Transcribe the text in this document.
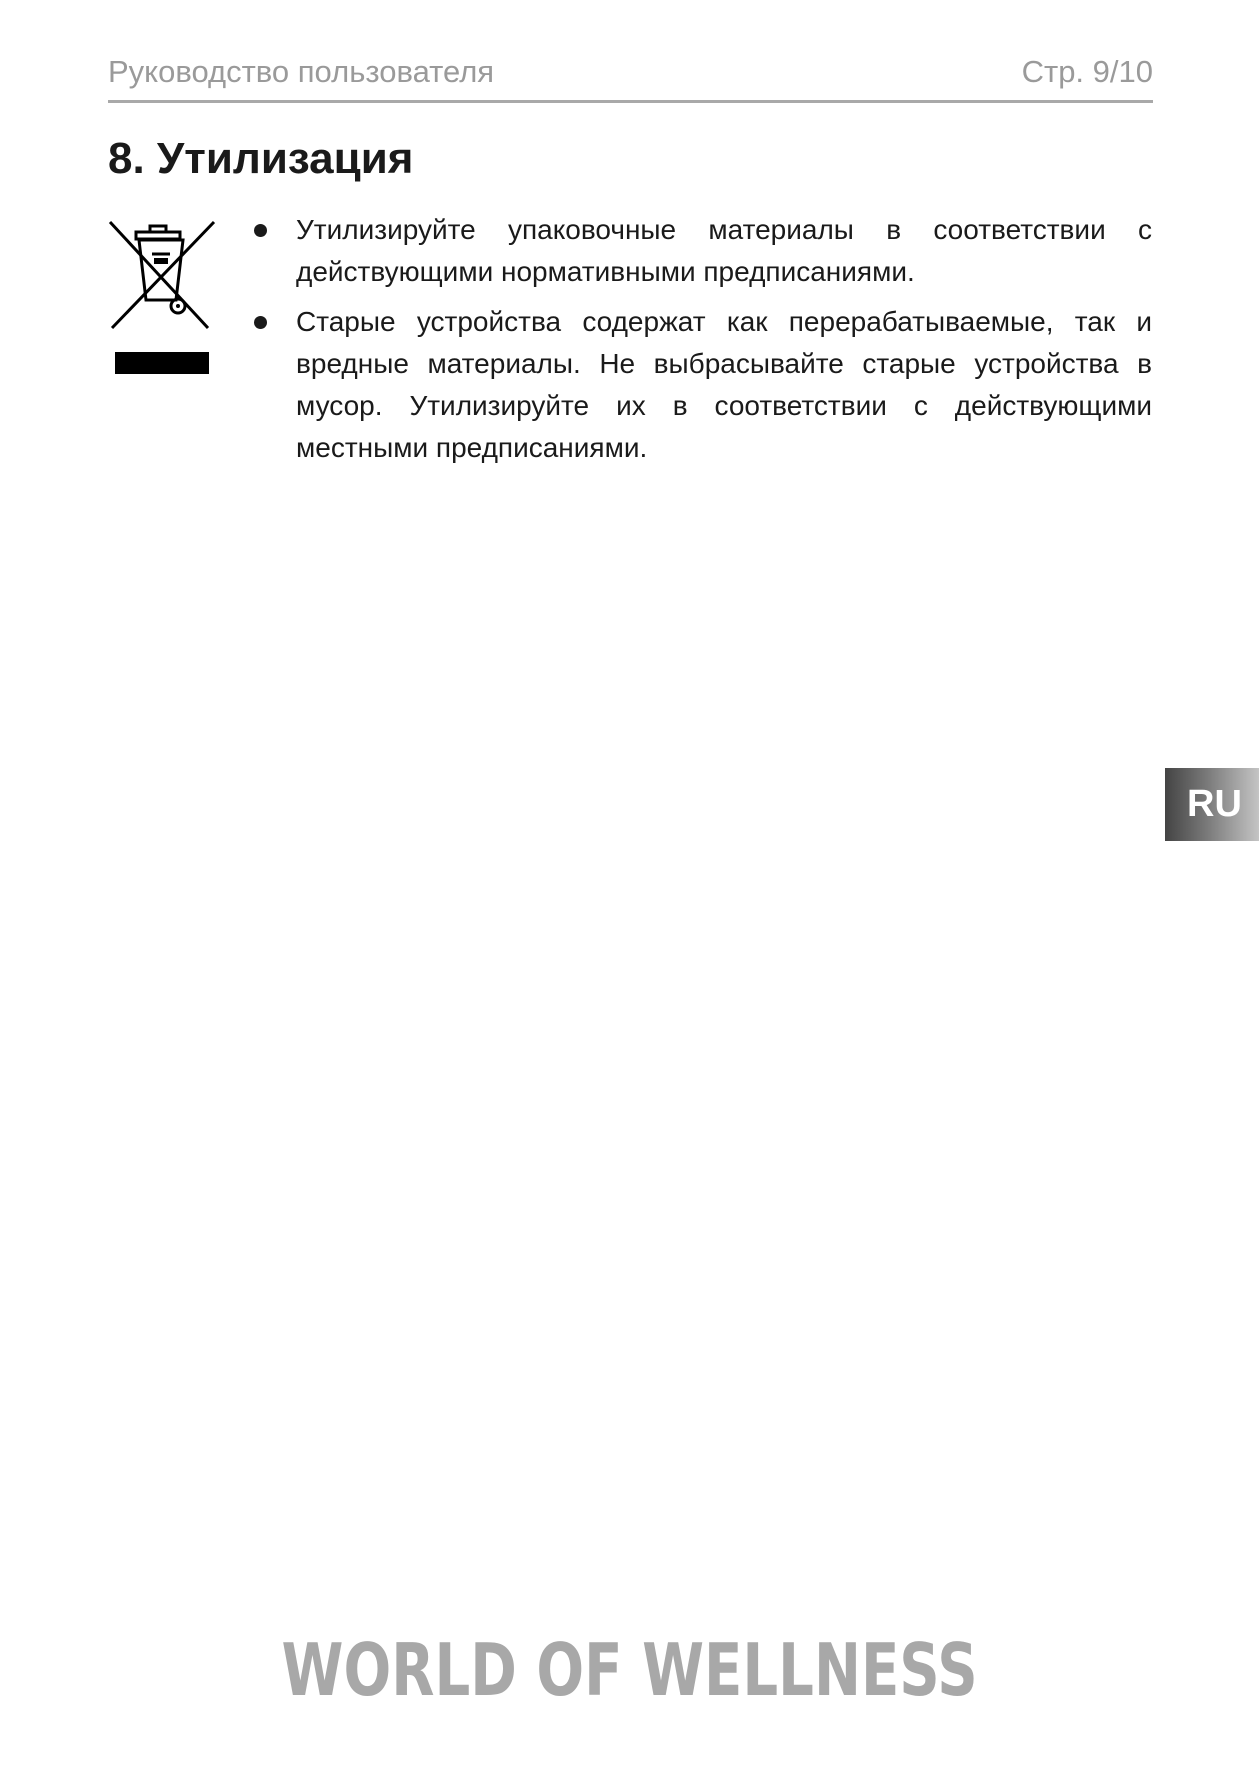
Руководство пользователя	Стр. 9/10
8. Утилизация
Утилизируйте упаковочные материалы в соответствии с действующими нормативными предписаниями.
Старые устройства содержат как перерабатываемые, так и вредные материалы. Не выбрасывайте старые устройства в мусор. Утилизируйте их в соответствии с действующими местными предписаниями.
RU
WORLD OF WELLNESS
